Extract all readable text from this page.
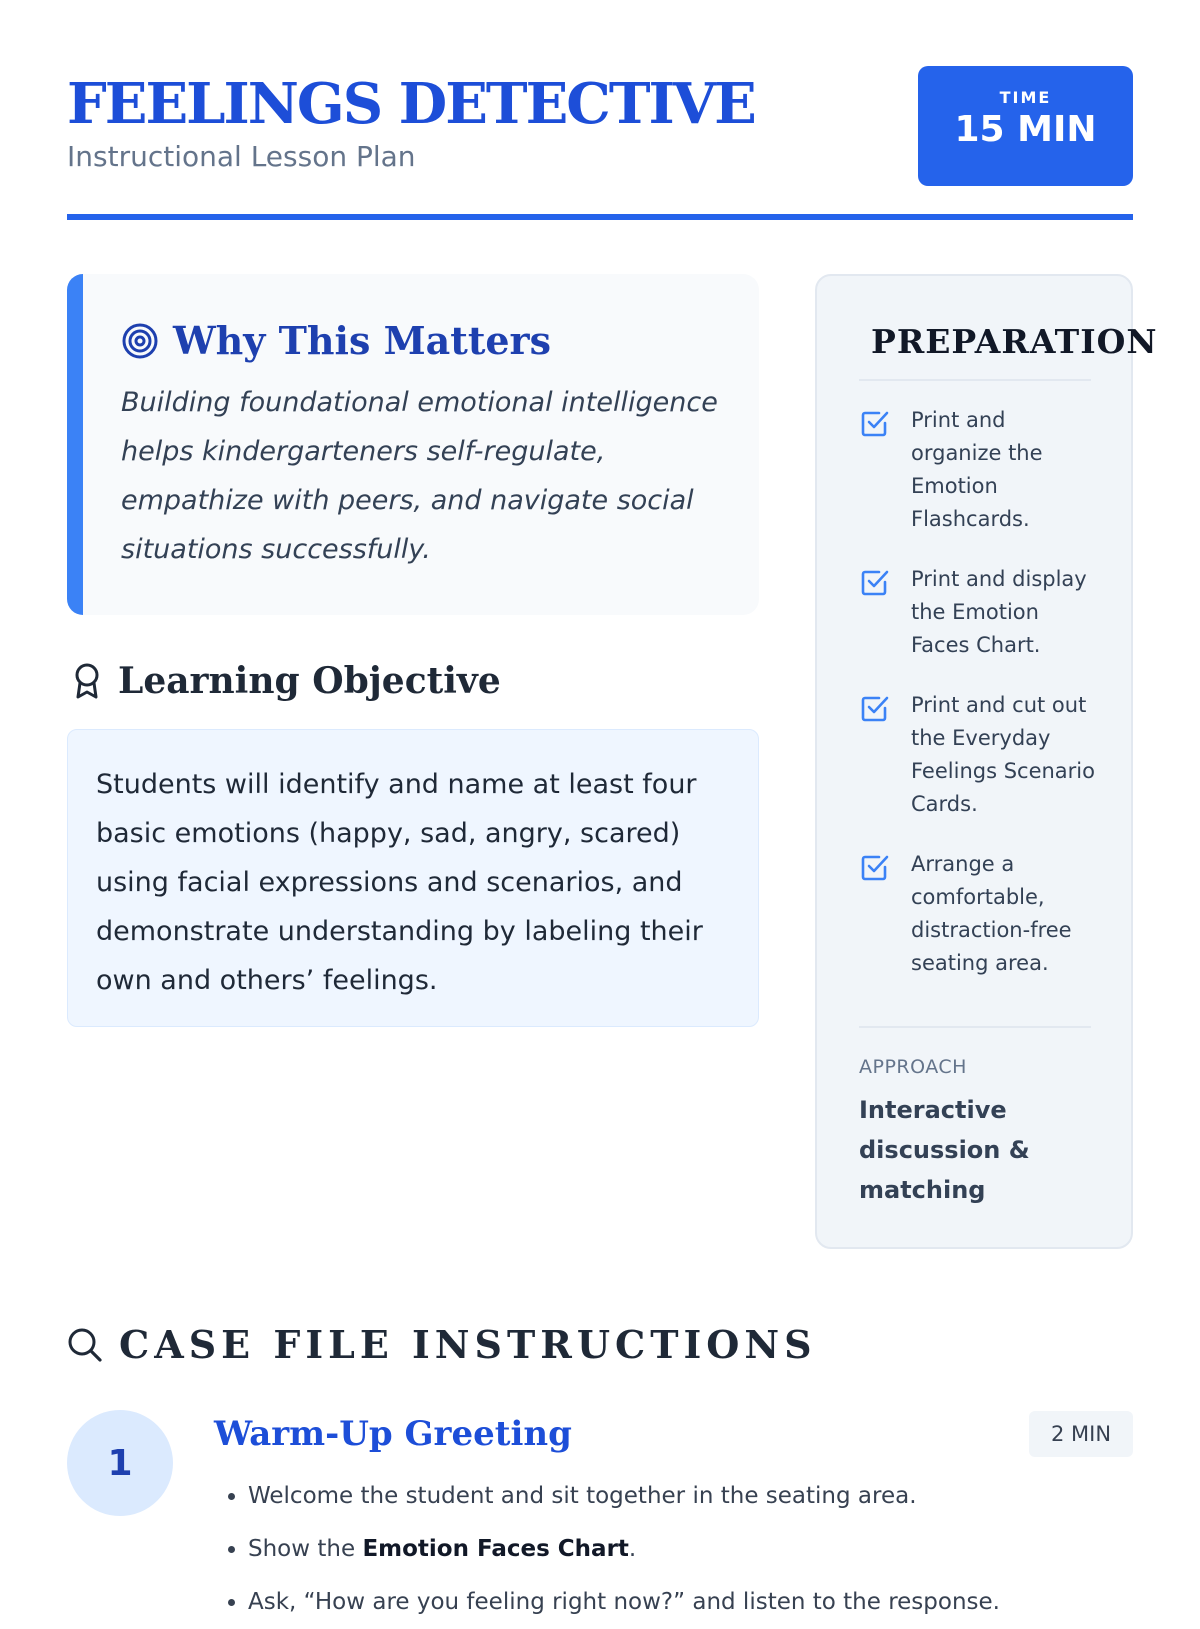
FEELINGS DETECTIVE
Instructional Lesson Plan
TIME
15 MIN
Why This Matters
Building foundational emotional intelligence helps kindergarteners self-regulate, empathize with peers, and navigate social situations successfully.
Learning Objective
Students will identify and name at least four basic emotions (happy, sad, angry, scared) using facial expressions and scenarios, and demonstrate understanding by labeling their own and others’ feelings.
PREPARATION
Print and organize the Emotion Flashcards.
Print and display the Emotion Faces Chart.
Print and cut out the Everyday Feelings Scenario Cards.
Arrange a comfortable, distraction-free seating area.
APPROACH
Interactive discussion & matching
CASE FILE INSTRUCTIONS
1
Warm-Up Greeting	2 MIN
• Welcome the student and sit together in the seating area.
• Show the Emotion Faces Chart.
• Ask, “How are you feeling right now?” and listen to the response.
